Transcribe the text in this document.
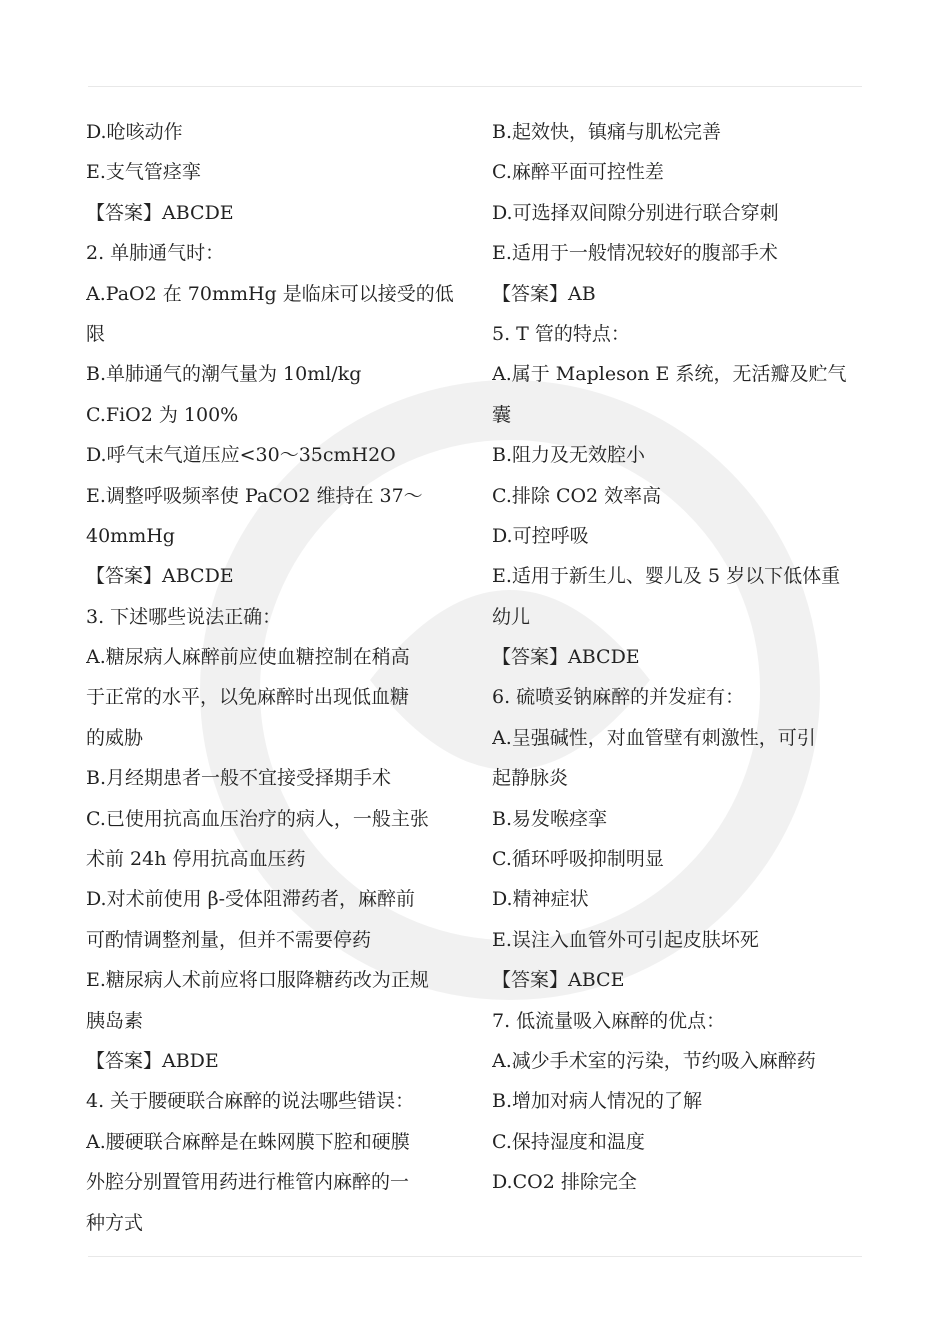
D.呛咳动作
E.支气管痉挛
【答案】ABCDE
2. 单肺通气时：
A.PaO2 在 70mmHg 是临床可以接受的低
限
B.单肺通气的潮气量为 10ml/kg
C.FiO2 为 100%
D.呼气末气道压应<30～35cmH2O
E.调整呼吸频率使 PaCO2 维持在 37～
40mmHg
【答案】ABCDE
3. 下述哪些说法正确：
A.糖尿病人麻醉前应使血糖控制在稍高
于正常的水平，以免麻醉时出现低血糖
的威胁
B.月经期患者一般不宜接受择期手术
C.已使用抗高血压治疗的病人，一般主张
术前 24h 停用抗高血压药
D.对术前使用 β-受体阻滞药者，麻醉前
可酌情调整剂量，但并不需要停药
E.糖尿病人术前应将口服降糖药改为正规
胰岛素
【答案】ABDE
4. 关于腰硬联合麻醉的说法哪些错误：
A.腰硬联合麻醉是在蛛网膜下腔和硬膜
外腔分别置管用药进行椎管内麻醉的一
种方式
B.起效快，镇痛与肌松完善
C.麻醉平面可控性差
D.可选择双间隙分别进行联合穿刺
E.适用于一般情况较好的腹部手术
【答案】AB
5. T 管的特点：
A.属于 Mapleson E 系统，无活瓣及贮气
囊
B.阻力及无效腔小
C.排除 CO2 效率高
D.可控呼吸
E.适用于新生儿、婴儿及 5 岁以下低体重
幼儿
【答案】ABCDE
6. 硫喷妥钠麻醉的并发症有：
A.呈强碱性，对血管壁有刺激性，可引
起静脉炎
B.易发喉痉挛
C.循环呼吸抑制明显
D.精神症状
E.误注入血管外可引起皮肤坏死
【答案】ABCE
7. 低流量吸入麻醉的优点：
A.减少手术室的污染，节约吸入麻醉药
B.增加对病人情况的了解
C.保持湿度和温度
D.CO2 排除完全
